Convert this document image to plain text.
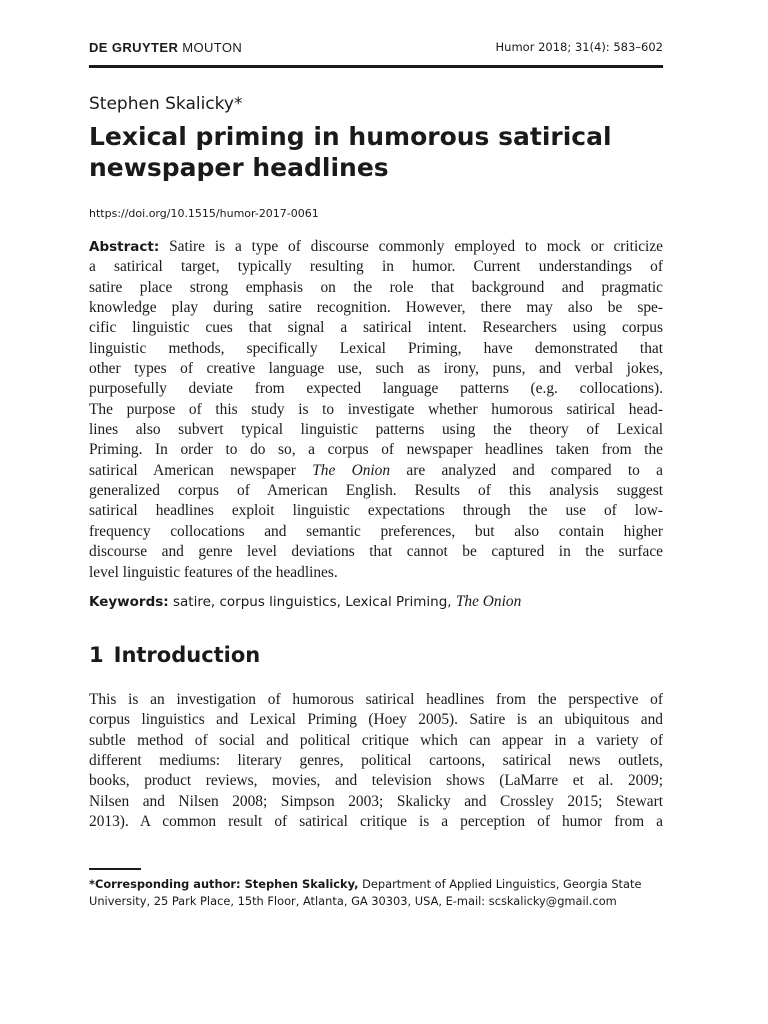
DE GRUYTER MOUTON	Humor 2018; 31(4): 583–602
Stephen Skalicky*
Lexical priming in humorous satirical
newspaper headlines
https://doi.org/10.1515/humor-2017-0061
Abstract: Satire is a type of discourse commonly employed to mock or criticize
a satirical target, typically resulting in humor. Current understandings of
satire place strong emphasis on the role that background and pragmatic
knowledge play during satire recognition. However, there may also be spe-
cific linguistic cues that signal a satirical intent. Researchers using corpus
linguistic methods, specifically Lexical Priming, have demonstrated that
other types of creative language use, such as irony, puns, and verbal jokes,
purposefully deviate from expected language patterns (e.g. collocations).
The purpose of this study is to investigate whether humorous satirical head-
lines also subvert typical linguistic patterns using the theory of Lexical
Priming. In order to do so, a corpus of newspaper headlines taken from the
satirical American newspaper The Onion are analyzed and compared to a
generalized corpus of American English. Results of this analysis suggest
satirical headlines exploit linguistic expectations through the use of low-
frequency collocations and semantic preferences, but also contain higher
discourse and genre level deviations that cannot be captured in the surface
level linguistic features of the headlines.
Keywords: satire, corpus linguistics, Lexical Priming, The Onion
1 Introduction
This is an investigation of humorous satirical headlines from the perspective of
corpus linguistics and Lexical Priming (Hoey 2005). Satire is an ubiquitous and
subtle method of social and political critique which can appear in a variety of
different mediums: literary genres, political cartoons, satirical news outlets,
books, product reviews, movies, and television shows (LaMarre et al. 2009;
Nilsen and Nilsen 2008; Simpson 2003; Skalicky and Crossley 2015; Stewart
2013). A common result of satirical critique is a perception of humor from a
*Corresponding author: Stephen Skalicky, Department of Applied Linguistics, Georgia State
University, 25 Park Place, 15th Floor, Atlanta, GA 30303, USA, E-mail: scskalicky@gmail.com
